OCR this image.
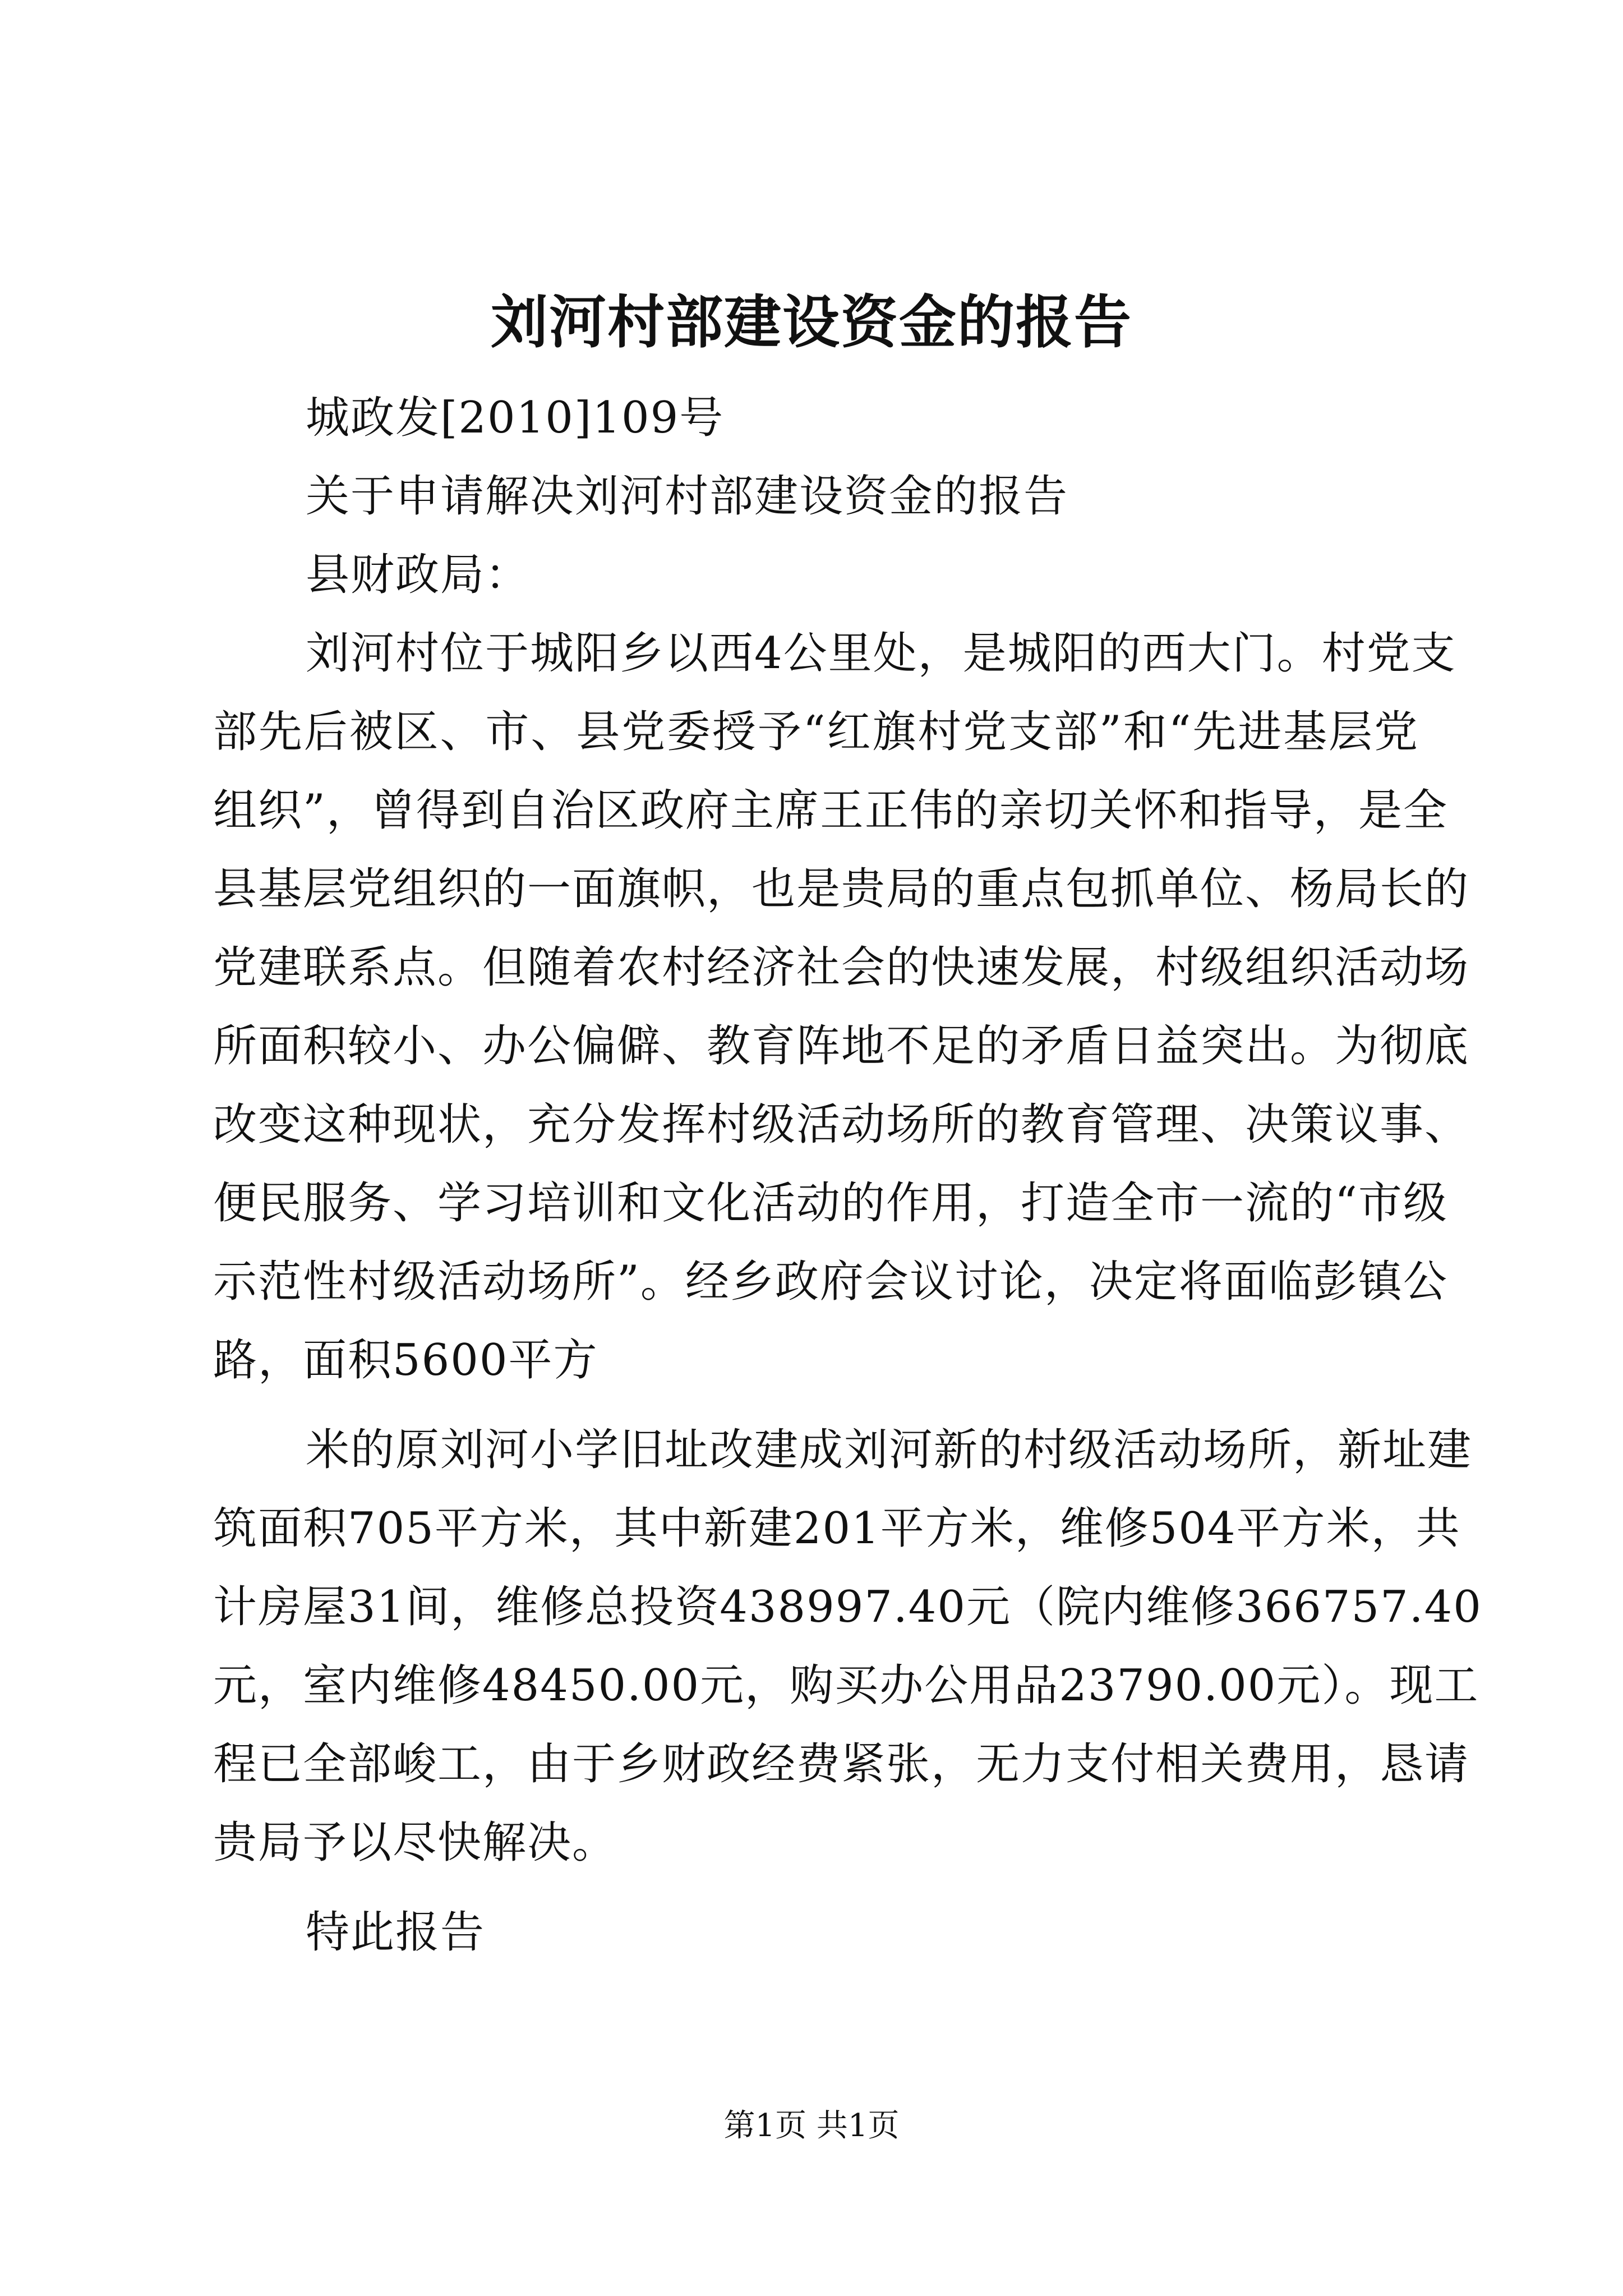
刘河村部建设资金的报告
城政发[2010]109号
关于申请解决刘河村部建设资金的报告
县财政局：
刘河村位于城阳乡以西4公里处，是城阳的西大门。村党支
部先后被区、市、县党委授予“红旗村党支部”和“先进基层党
组织”，曾得到自治区政府主席王正伟的亲切关怀和指导，是全
县基层党组织的一面旗帜，也是贵局的重点包抓单位、杨局长的
党建联系点。但随着农村经济社会的快速发展，村级组织活动场
所面积较小、办公偏僻、教育阵地不足的矛盾日益突出。为彻底
改变这种现状，充分发挥村级活动场所的教育管理、决策议事、
便民服务、学习培训和文化活动的作用，打造全市一流的“市级
示范性村级活动场所”。经乡政府会议讨论，决定将面临彭镇公
路，面积5600平方
米的原刘河小学旧址改建成刘河新的村级活动场所，新址建
筑面积705平方米，其中新建201平方米，维修504平方米，共
计房屋31间，维修总投资438997.40元（院内维修366757.40
元，室内维修48450.00元，购买办公用品23790.00元）。现工
程已全部峻工，由于乡财政经费紧张，无力支付相关费用，恳请
贵局予以尽快解决。
特此报告
第1页 共1页
